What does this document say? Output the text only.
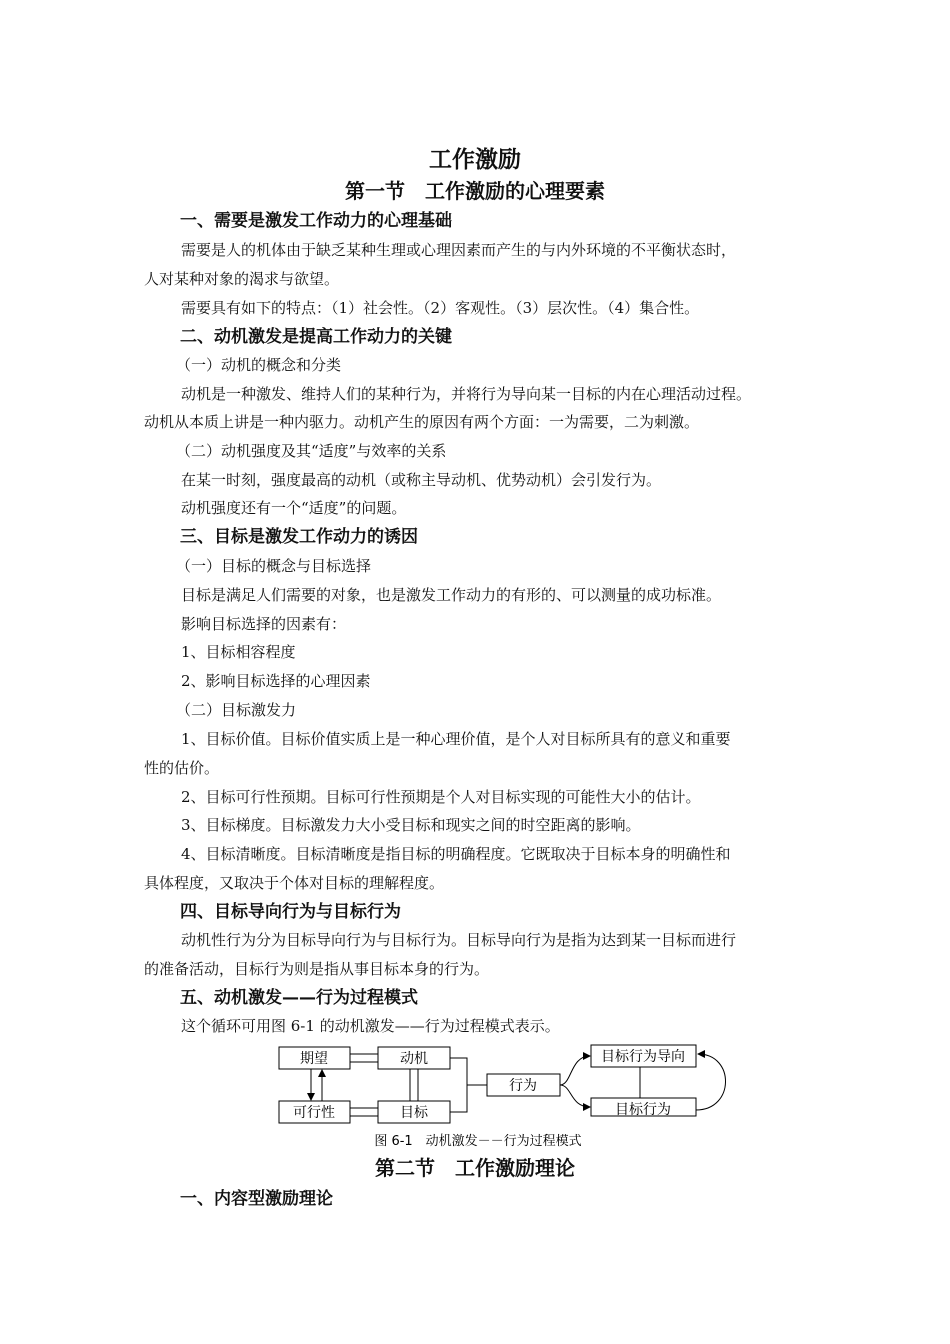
工作激励
第一节　工作激励的心理要素
一、需要是激发工作动力的心理基础
需要是人的机体由于缺乏某种生理或心理因素而产生的与内外环境的不平衡状态时，
人对某种对象的渴求与欲望。
需要具有如下的特点：（1）社会性。（2）客观性。（3）层次性。（4）集合性。
二、动机激发是提高工作动力的关键
（一）动机的概念和分类
动机是一种激发、维持人们的某种行为，并将行为导向某一目标的内在心理活动过程。
动机从本质上讲是一种内驱力。动机产生的原因有两个方面：一为需要，二为刺激。
（二）动机强度及其“适度”与效率的关系
在某一时刻，强度最高的动机（或称主导动机、优势动机）会引发行为。
动机强度还有一个“适度”的问题。
三、目标是激发工作动力的诱因
（一）目标的概念与目标选择
目标是满足人们需要的对象，也是激发工作动力的有形的、可以测量的成功标准。
影响目标选择的因素有：
1、目标相容程度
2、影响目标选择的心理因素
（二）目标激发力
1、目标价值。目标价值实质上是一种心理价值，是个人对目标所具有的意义和重要
性的估价。
2、目标可行性预期。目标可行性预期是个人对目标实现的可能性大小的估计。
3、目标梯度。目标激发力大小受目标和现实之间的时空距离的影响。
4、目标清晰度。目标清晰度是指目标的明确程度。它既取决于目标本身的明确性和
具体程度，又取决于个体对目标的理解程度。
四、目标导向行为与目标行为
动机性行为分为目标导向行为与目标行为。目标导向行为是指为达到某一目标而进行
的准备活动，目标行为则是指从事目标本身的行为。
五、动机激发——行为过程模式
这个循环可用图 6-1 的动机激发——行为过程模式表示。
期望	动机
可行性	目标
行为
目标行为导向
目标行为
图 6-1　动机激发－－行为过程模式
第二节　工作激励理论
一、内容型激励理论
